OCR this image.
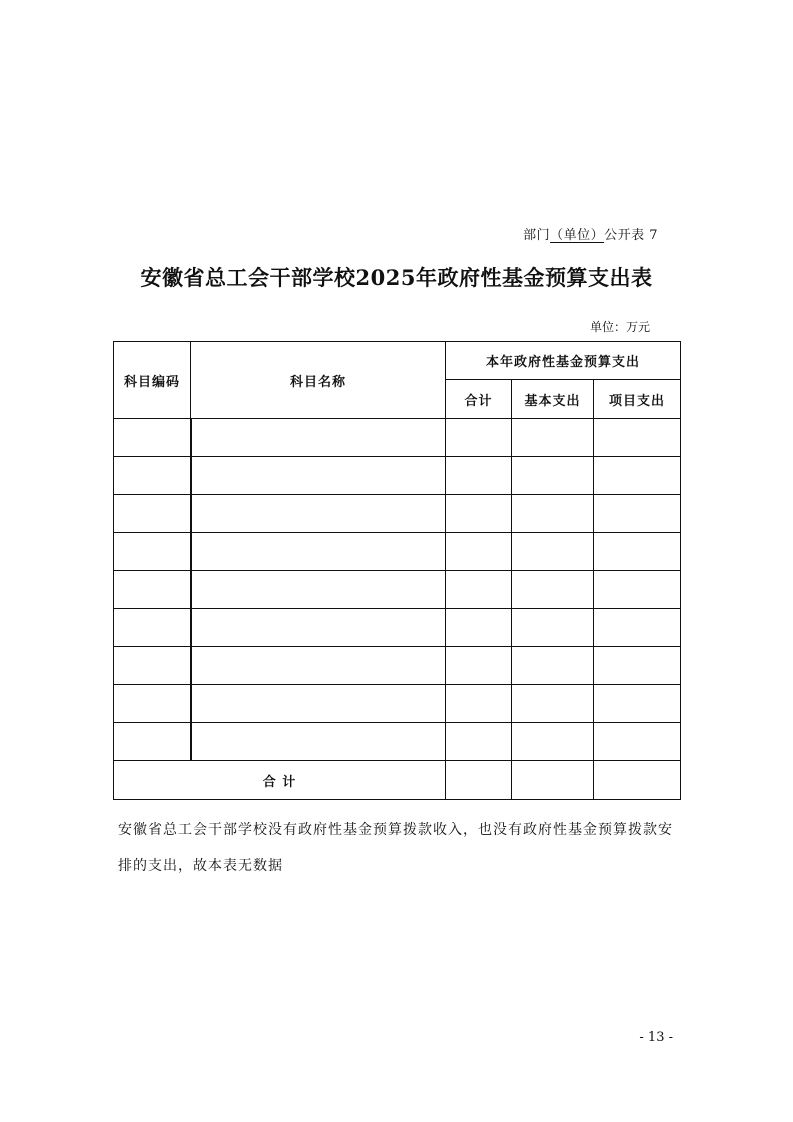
部门（单位）公开表 7
安徽省总工会干部学校2025年政府性基金预算支出表
单位：万元
科目编码	科目名称	本年政府性基金预算支出		
		合计	基本支出	项目支出

合 计				
安徽省总工会干部学校没有政府性基金预算拨款收入，也没有政府性基金预算拨款安排的支出，故本表无数据
- 13 -
